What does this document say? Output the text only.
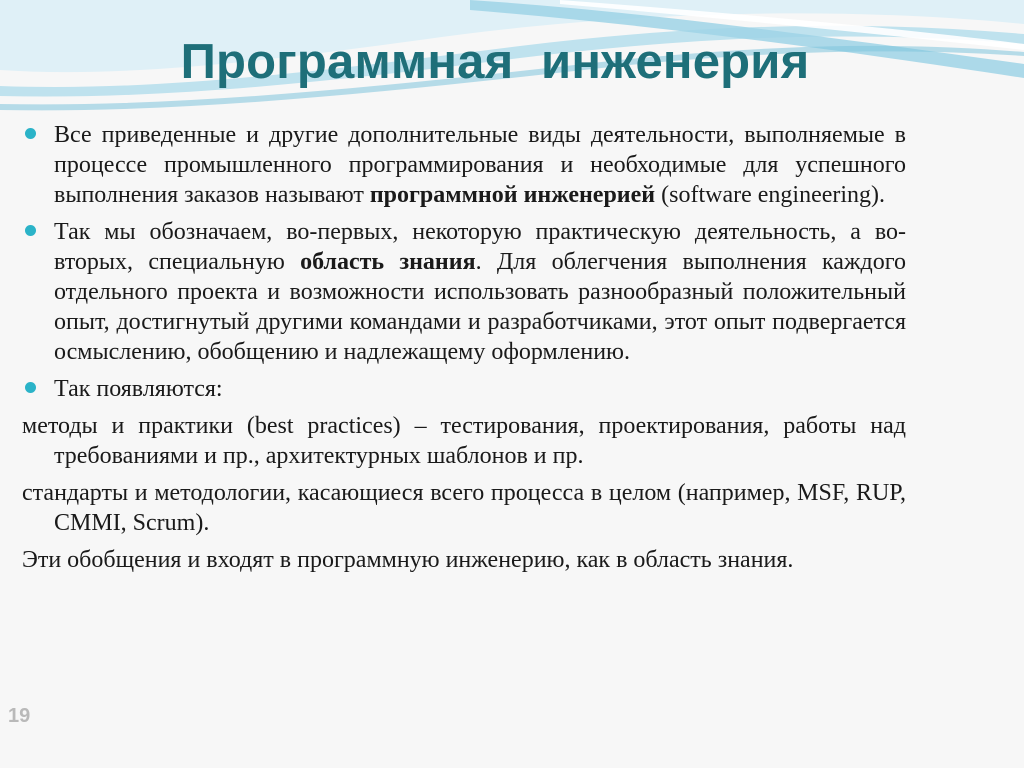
Программная  инженерия

Все приведенные и другие дополнительные виды деятельности, выполняемые в процессе промышленного программирования и необходимые для успешного выполнения заказов называют программной инженерией (software engineering).

Так мы обозначаем, во-первых, некоторую практическую деятельность, а во-вторых, специальную область знания. Для облегчения выполнения каждого отдельного проекта и возможности использовать разнообразный положительный опыт, достигнутый другими командами и разработчиками, этот опыт подвергается осмыслению, обобщению и надлежащему оформлению.

Так появляются:

методы и практики (best practices) – тестирования, проектирования, работы над требованиями и пр., архитектурных шаблонов и пр.

стандарты и методологии, касающиеся всего процесса в целом (например, MSF, RUP, CMMI, Scrum).

Эти обобщения и входят в программную инженерию, как в область знания.

19
